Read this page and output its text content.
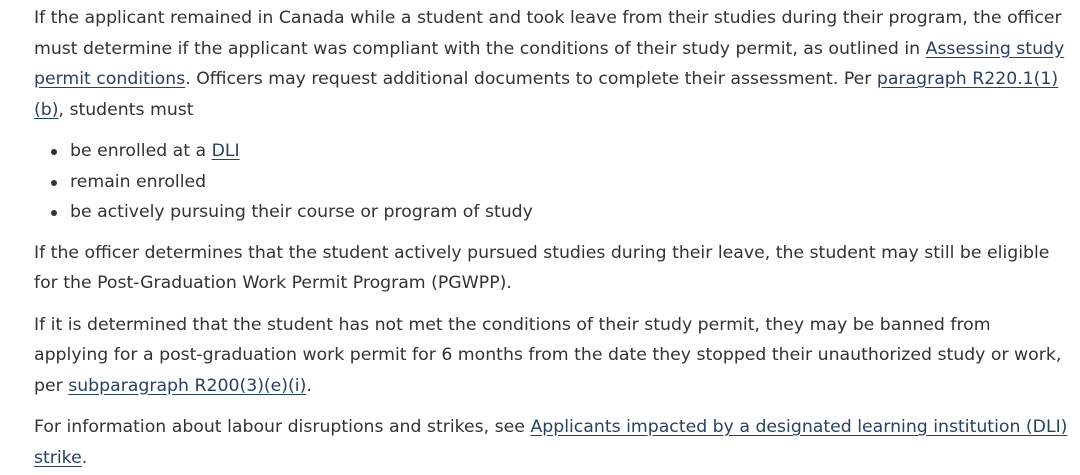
If the applicant remained in Canada while a student and took leave from their studies during their program, the officer must determine if the applicant was compliant with the conditions of their study permit, as outlined in Assessing study permit conditions. Officers may request additional documents to complete their assessment. Per paragraph R220.1(1)(b), students must

be enrolled at a DLI
remain enrolled
be actively pursuing their course or program of study

If the officer determines that the student actively pursued studies during their leave, the student may still be eligible for the Post-Graduation Work Permit Program (PGWPP).

If it is determined that the student has not met the conditions of their study permit, they may be banned from applying for a post-graduation work permit for 6 months from the date they stopped their unauthorized study or work, per subparagraph R200(3)(e)(i).

For information about labour disruptions and strikes, see Applicants impacted by a designated learning institution (DLI) strike.
